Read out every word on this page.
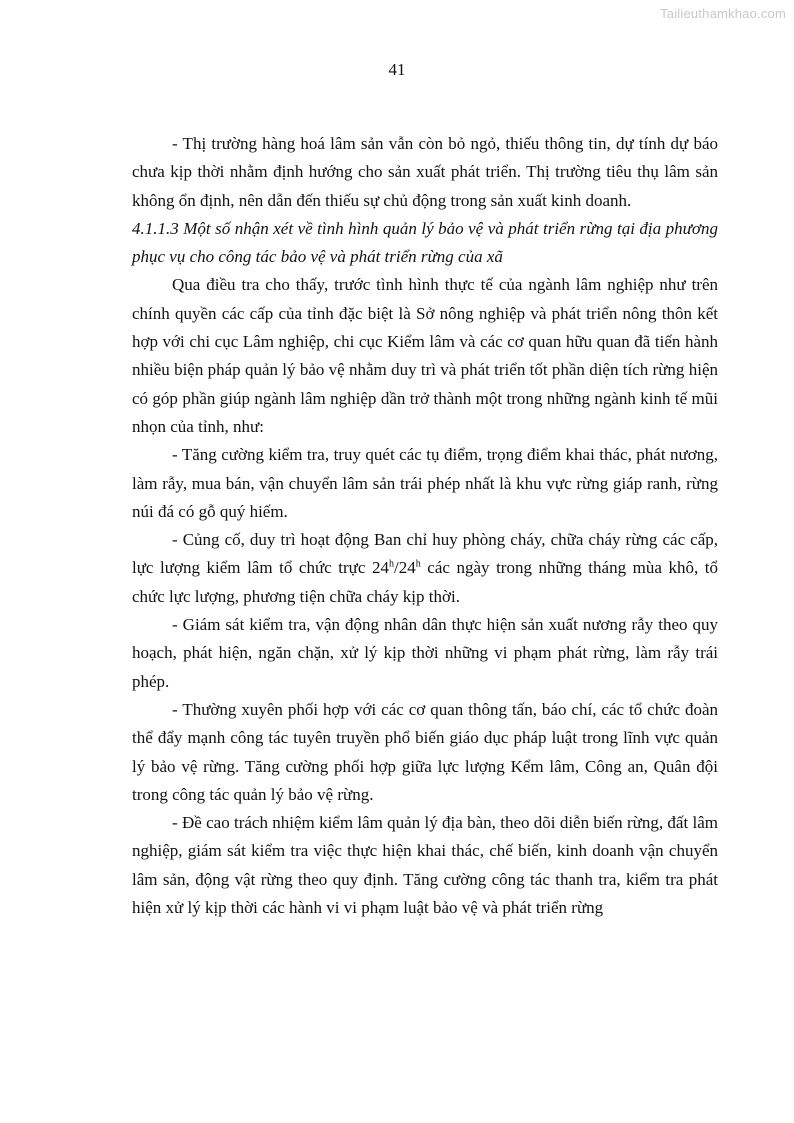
Tailieuthamkhao.com
41

- Thị trường hàng hoá lâm sản vẫn còn bỏ ngỏ, thiếu thông tin, dự tính dự báo chưa kịp thời nhằm định hướng cho sản xuất phát triển. Thị trường tiêu thụ lâm sản không ổn định, nên dẫn đến thiếu sự chủ động trong sản xuất kinh doanh.

4.1.1.3 Một số nhận xét về tình hình quản lý bảo vệ và phát triển rừng tại địa phương phục vụ cho công tác bảo vệ và phát triển rừng của xã

Qua điều tra cho thấy, trước tình hình thực tế của ngành lâm nghiệp như trên chính quyền các cấp của tỉnh đặc biệt là Sở nông nghiệp và phát triển nông thôn kết hợp với chi cục Lâm nghiệp, chi cục Kiểm lâm và các cơ quan hữu quan đã tiến hành nhiều biện pháp quản lý bảo vệ nhằm duy trì và phát triển tốt phần diện tích rừng hiện có góp phần giúp ngành lâm nghiệp dần trở thành một trong những ngành kinh tế mũi nhọn của tỉnh, như:

- Tăng cường kiểm tra, truy quét các tụ điểm, trọng điểm khai thác, phát nương, làm rẫy, mua bán, vận chuyển lâm sản trái phép nhất là khu vực rừng giáp ranh, rừng núi đá có gỗ quý hiếm.

- Củng cố, duy trì hoạt động Ban chỉ huy phòng cháy, chữa cháy rừng các cấp, lực lượng kiểm lâm tổ chức trực 24$^h$/24$^h$ các ngày trong những tháng mùa khô, tổ chức lực lượng, phương tiện chữa cháy kịp thời.

- Giám sát kiểm tra, vận động nhân dân thực hiện sản xuất nương rẫy theo quy hoạch, phát hiện, ngăn chặn, xử lý kịp thời những vi phạm phát rừng, làm rẫy trái phép.

- Thường xuyên phối hợp với các cơ quan thông tấn, báo chí, các tổ chức đoàn thể đẩy mạnh công tác tuyên truyền phổ biến giáo dục pháp luật trong lĩnh vực quản lý bảo vệ rừng. Tăng cường phối hợp giữa lực lượng Kểm lâm, Công an, Quân đội trong công tác quản lý bảo vệ rừng.

- Đề cao trách nhiệm kiểm lâm quản lý địa bàn, theo dõi diễn biến rừng, đất lâm nghiệp, giám sát kiểm tra việc thực hiện khai thác, chế biến, kinh doanh vận chuyển lâm sản, động vật rừng theo quy định. Tăng cường công tác thanh tra, kiểm tra phát hiện xử lý kịp thời các hành vi vi phạm luật bảo vệ và phát triển rừng
